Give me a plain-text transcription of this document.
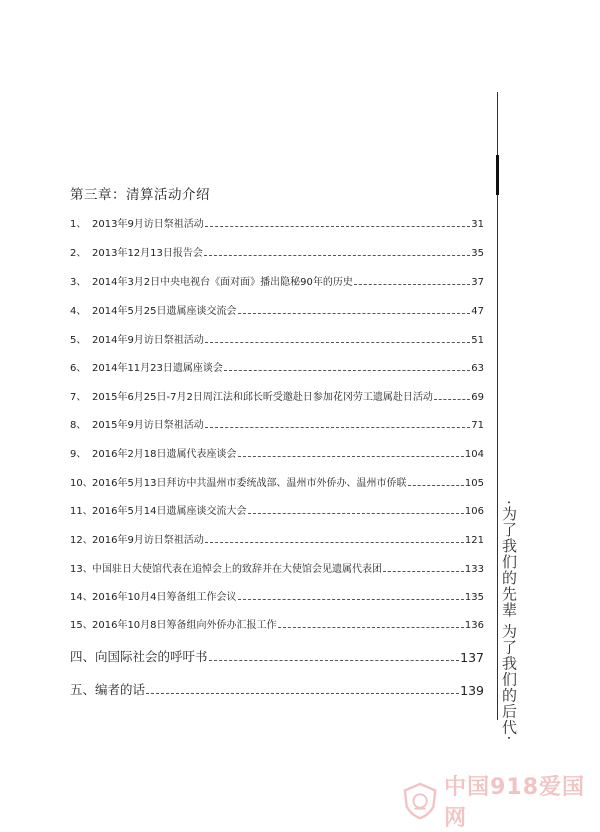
第三章：清算活动介绍
1、 2013年9月访日祭祖活动	31
2、 2013年12月13日报告会	35
3、 2014年3月2日中央电视台《面对面》播出隐秘90年的历史	37
4、 2014年5月25日遗属座谈交流会	47
5、 2014年9月访日祭祖活动	51
6、 2014年11月23日遗属座谈会	63
7、 2015年6月25日-7月2日周江法和邱长昕受邀赴日参加花冈劳工遗属赴日活动	69
8、 2015年9月访日祭祖活动	71
9、 2016年2月18日遗属代表座谈会	104
10、 2016年5月13日拜访中共温州市委统战部、温州市外侨办、温州市侨联	105
11、 2016年5月14日遗属座谈交流大会	106
12、 2016年9月访日祭祖活动	121
13、 中国驻日大使馆代表在追悼会上的致辞并在大使馆会见遗属代表团	133
14、 2016年10月4日筹备组工作会议	135
15、 2016年10月8日筹备组向外侨办汇报工作	136
四、向国际社会的呼吁书	137
五、编者的话	139 ·为了我们的先辈 为了我们的后代·
中国918爱国网
